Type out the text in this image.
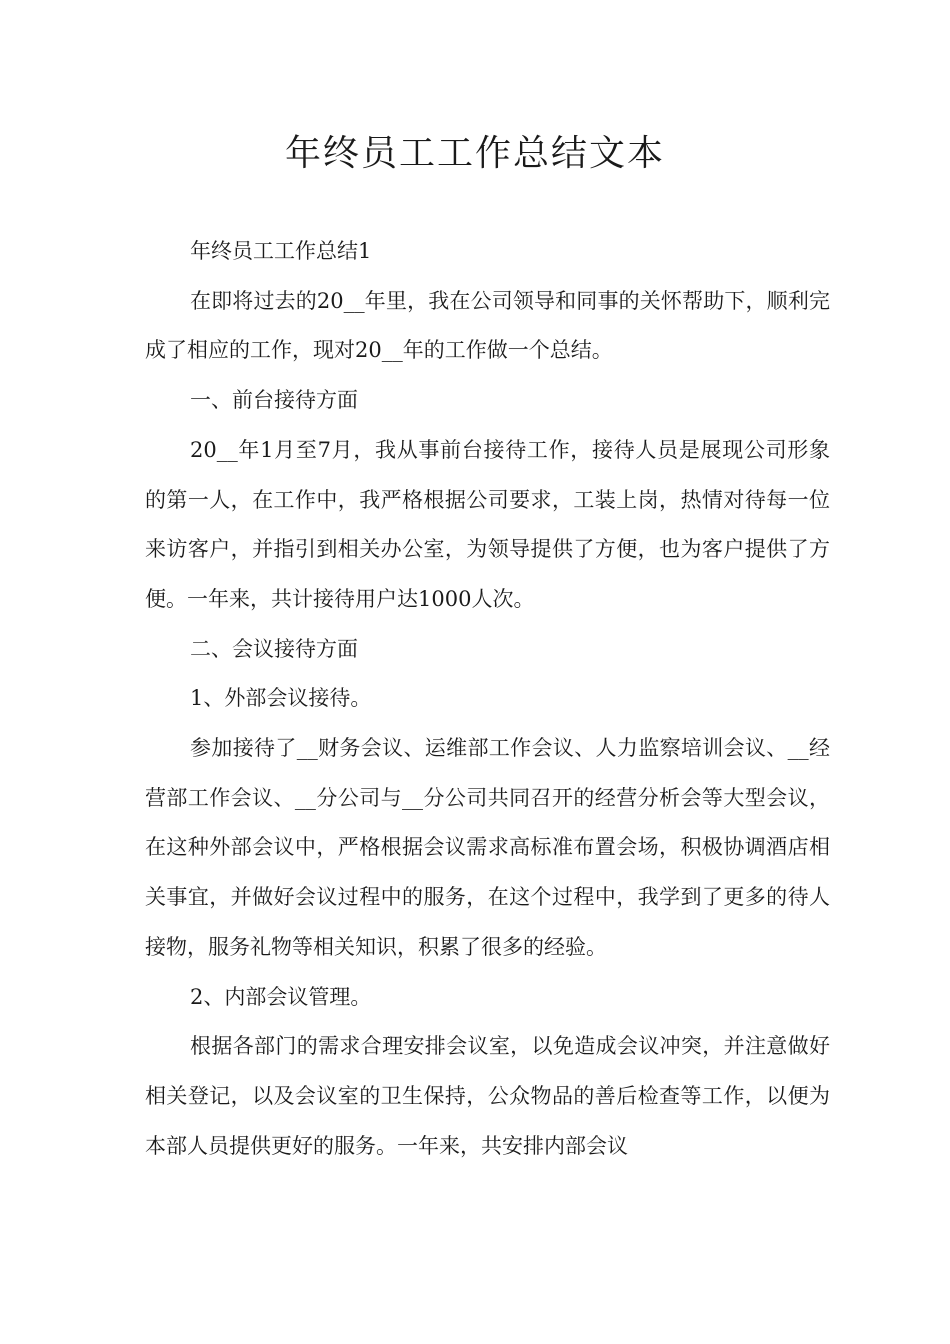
年终员工工作总结文本

年终员工工作总结1

在即将过去的20__年里，我在公司领导和同事的关怀帮助下，顺利完成了相应的工作，现对20__年的工作做一个总结。

一、前台接待方面

20__年1月至7月，我从事前台接待工作，接待人员是展现公司形象的第一人，在工作中，我严格根据公司要求，工装上岗，热情对待每一位来访客户，并指引到相关办公室，为领导提供了方便，也为客户提供了方便。一年来，共计接待用户达1000人次。

二、会议接待方面

1、外部会议接待。

参加接待了__财务会议、运维部工作会议、人力监察培训会议、__经营部工作会议、__分公司与__分公司共同召开的经营分析会等大型会议，在这种外部会议中，严格根据会议需求高标准布置会场，积极协调酒店相关事宜，并做好会议过程中的服务，在这个过程中，我学到了更多的待人接物，服务礼物等相关知识，积累了很多的经验。

2、内部会议管理。

根据各部门的需求合理安排会议室，以免造成会议冲突，并注意做好相关登记，以及会议室的卫生保持，公众物品的善后检查等工作，以便为本部人员提供更好的服务。一年来，共安排内部会议
